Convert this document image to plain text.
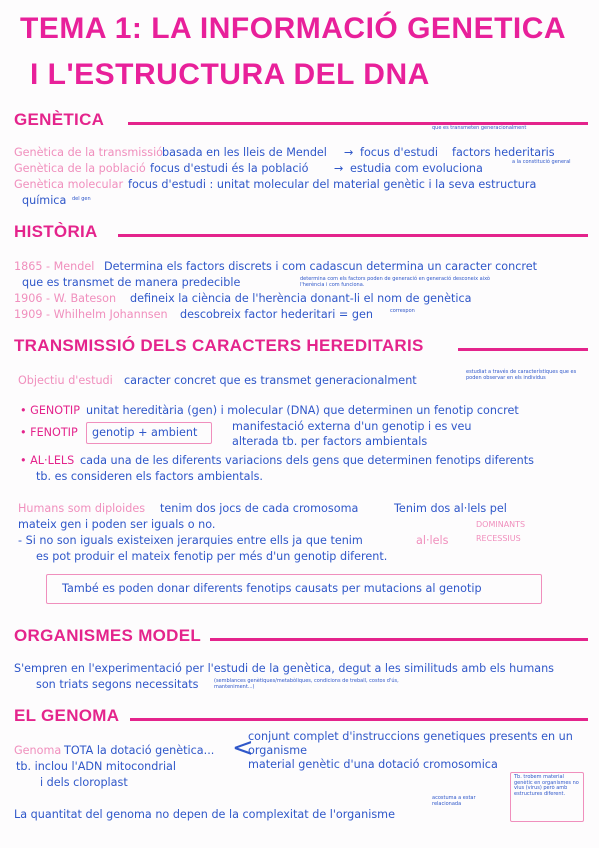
TEMA 1: LA INFORMACIÓ GENETICA
I L'ESTRUCTURA DEL DNA
GENÈTICA	que es transmeten generacionalment
Genètica de la transmissió
basada en les lleis de Mendel → focus d'estudi factors hederitaris
Genètica de la població focus d'estudi és la població → estudia com evoluciona	a la constitució general
Genètica molecular focus d'estudi : unitat molecular del material genètic i la seva estructura
química del gen
HISTÒRIA
1865 - Mendel Determina els factors discrets i com cadascun determina un caracter concret
que es transmet de manera predecible	determina com els factors poden de generació en generació desconeix això l'herència i com funciona.
1906 - W. Bateson defineix la ciència de l'herència donant-li el nom de genètica
1909 - Whilhelm Johannsen descobreix factor hederitari = gen	correspon
TRANSMISSIÓ DELS CARACTERS HEREDITARIS
Objectiu d'estudi caracter concret que es transmet generacionalment
estudiat a través de característiques que es poden observar en els individus
• GENOTIP unitat hereditària (gen) i molecular (DNA) que determinen un fenotip concret
• FENOTIP genotip + ambient	manifestació externa d'un genotip i es veu
alterada tb. per factors ambientals
• AL·LELS cada una de les diferents variacions dels gens que determinen fenotips diferents
tb. es consideren els factors ambientals.
Humans som diploides tenim dos jocs de cada cromosoma	Tenim dos al·lels pel
mateix gen i poden ser iguals o no.
- Si no son iguals existeixen jerarquies entre ells ja que tenim	al·lels
DOMINANTS
RECESSIUS
es pot produir el mateix fenotip per més d'un genotip diferent.
També es poden donar diferents fenotips causats per mutacions al genotip
ORGANISMES MODEL
S'empren en l'experimentació per l'estudi de la genètica, degut a les similituds amb els humans
son triats segons necessitats	(semblances genètiques/metabòliques, condicions de treball, costos d'ús, manteniment...)
EL GENOMA
Genoma TOTA la dotació genètica...
tb. inclou l'ADN mitocondrial
i dels cloroplast
<
conjunt complet d'instruccions genetiques presents en un
organisme
material genètic d'una dotació cromosomica
Tb. trobem material genètic en organismes no vius (virus) però amb estructures diferent.
La quantitat del genoma no depen de la complexitat de l'organisme
acostuma a estar relacionada
